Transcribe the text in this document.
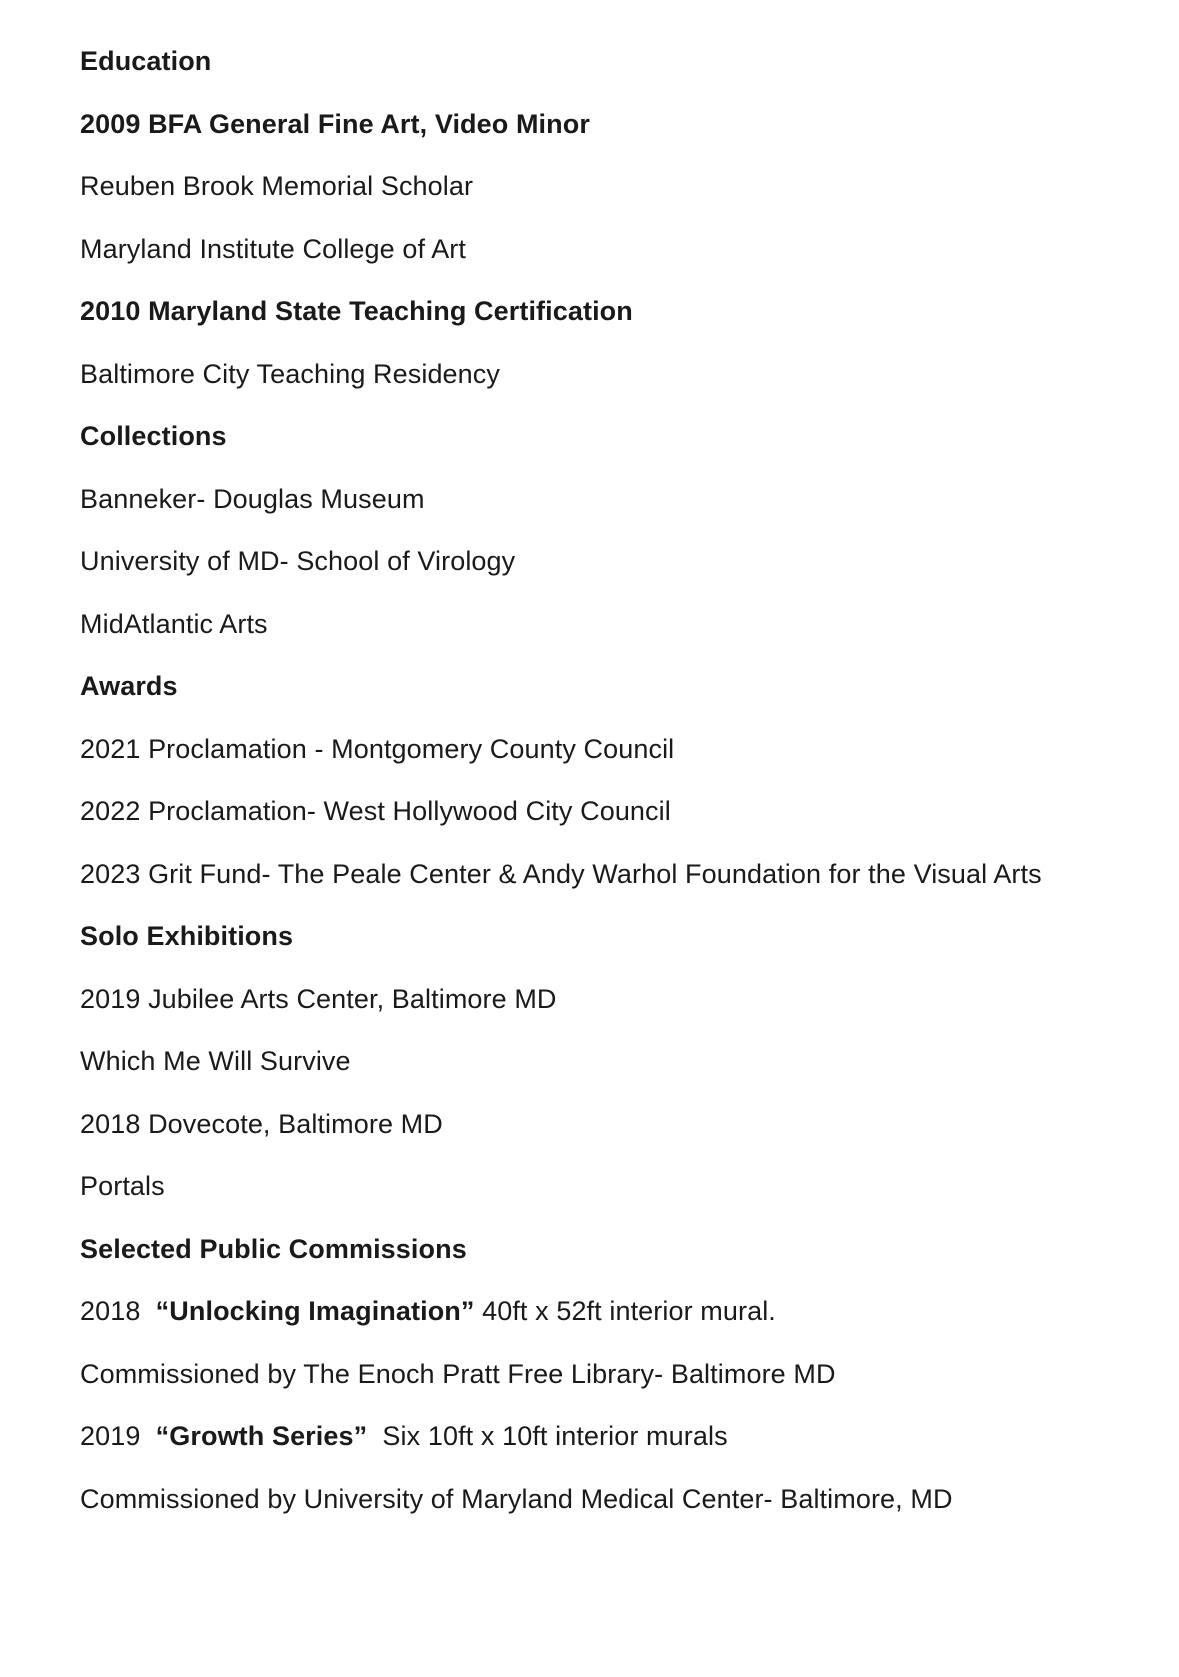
Education

2009 BFA General Fine Art, Video Minor

Reuben Brook Memorial Scholar

Maryland Institute College of Art

2010 Maryland State Teaching Certification

Baltimore City Teaching Residency

Collections

Banneker- Douglas Museum

University of MD- School of Virology

MidAtlantic Arts

Awards

2021 Proclamation - Montgomery County Council

2022 Proclamation- West Hollywood City Council

2023 Grit Fund- The Peale Center & Andy Warhol Foundation for the Visual Arts

Solo Exhibitions

2019 Jubilee Arts Center, Baltimore MD

Which Me Will Survive

2018 Dovecote, Baltimore MD

Portals

Selected Public Commissions

2018  “Unlocking Imagination” 40ft x 52ft interior mural.

Commissioned by The Enoch Pratt Free Library- Baltimore MD

2019  “Growth Series”  Six 10ft x 10ft interior murals

Commissioned by University of Maryland Medical Center- Baltimore, MD
